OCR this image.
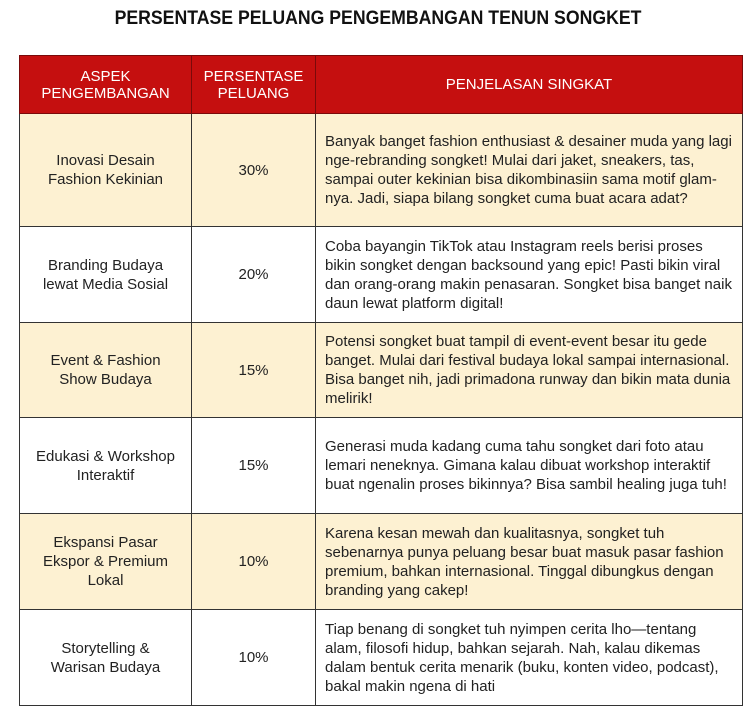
PERSENTASE PELUANG PENGEMBANGAN TENUN SONGKET
ASPEK PENGEMBANGAN	PERSENTASE PELUANG	PENJELASAN SINGKAT
Inovasi Desain Fashion Kekinian	30%	Banyak banget fashion enthusiast & desainer muda yang lagi nge-rebranding songket! Mulai dari jaket, sneakers, tas, sampai outer kekinian bisa dikombinasiin sama motif glam-nya. Jadi, siapa bilang songket cuma buat acara adat?
Branding Budaya lewat Media Sosial	20%	Coba bayangin TikTok atau Instagram reels berisi proses bikin songket dengan backsound yang epic! Pasti bikin viral dan orang-orang makin penasaran. Songket bisa banget naik daun lewat platform digital!
Event & Fashion Show Budaya	15%	Potensi songket buat tampil di event-event besar itu gede banget. Mulai dari festival budaya lokal sampai internasional. Bisa banget nih, jadi primadona runway dan bikin mata dunia melirik!
Edukasi & Workshop Interaktif	15%	Generasi muda kadang cuma tahu songket dari foto atau lemari neneknya. Gimana kalau dibuat workshop interaktif buat ngenalin proses bikinnya? Bisa sambil healing juga tuh!
Ekspansi Pasar Ekspor & Premium Lokal	10%	Karena kesan mewah dan kualitasnya, songket tuh sebenarnya punya peluang besar buat masuk pasar fashion premium, bahkan internasional. Tinggal dibungkus dengan branding yang cakep!
Storytelling & Warisan Budaya	10%	Tiap benang di songket tuh nyimpen cerita lho—tentang alam, filosofi hidup, bahkan sejarah. Nah, kalau dikemas dalam bentuk cerita menarik (buku, konten video, podcast), bakal makin ngena di hati
